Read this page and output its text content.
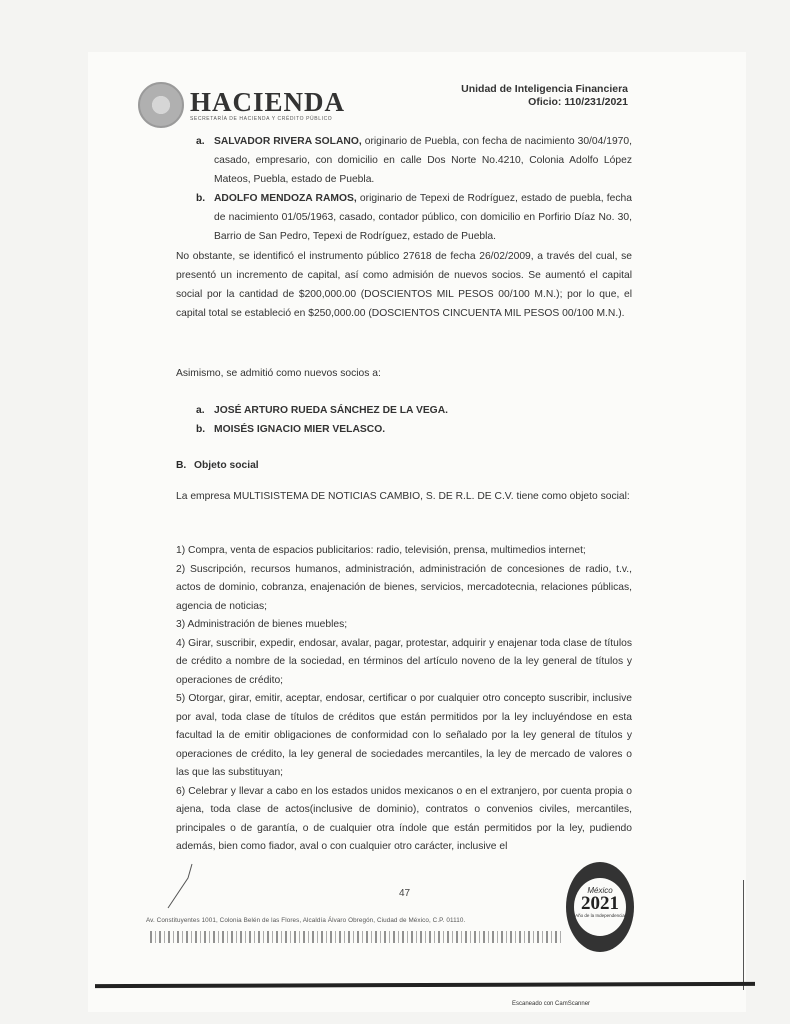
HACIENDA
SECRETARÍA DE HACIENDA Y CRÉDITO PÚBLICO
Unidad de Inteligencia Financiera
Oficio: 110/231/2021
a. SALVADOR RIVERA SOLANO, originario de Puebla, con fecha de nacimiento 30/04/1970, casado, empresario, con domicilio en calle Dos Norte No.4210, Colonia Adolfo López Mateos, Puebla, estado de Puebla.
b. ADOLFO MENDOZA RAMOS, originario de Tepexi de Rodríguez, estado de puebla, fecha de nacimiento 01/05/1963, casado, contador público, con domicilio en Porfirio Díaz No. 30, Barrio de San Pedro, Tepexi de Rodríguez, estado de Puebla.
No obstante, se identificó el instrumento público 27618 de fecha 26/02/2009, a través del cual, se presentó un incremento de capital, así como admisión de nuevos socios. Se aumentó el capital social por la cantidad de $200,000.00 (DOSCIENTOS MIL PESOS 00/100 M.N.); por lo que, el capital total se estableció en $250,000.00 (DOSCIENTOS CINCUENTA MIL PESOS 00/100 M.N.).
Asimismo, se admitió como nuevos socios a:
a. JOSÉ ARTURO RUEDA SÁNCHEZ DE LA VEGA.
b. MOISÉS IGNACIO MIER VELASCO.
B. Objeto social
La empresa MULTISISTEMA DE NOTICIAS CAMBIO, S. DE R.L. DE C.V. tiene como objeto social:
1) Compra, venta de espacios publicitarios: radio, televisión, prensa, multimedios internet;
2) Suscripción, recursos humanos, administración, administración de concesiones de radio, t.v., actos de dominio, cobranza, enajenación de bienes, servicios, mercadotecnia, relaciones públicas, agencia de noticias;
3) Administración de bienes muebles;
4) Girar, suscribir, expedir, endosar, avalar, pagar, protestar, adquirir y enajenar toda clase de títulos de crédito a nombre de la sociedad, en términos del artículo noveno de la ley general de títulos y operaciones de crédito;
5) Otorgar, girar, emitir, aceptar, endosar, certificar o por cualquier otro concepto suscribir, inclusive por aval, toda clase de títulos de créditos que están permitidos por la ley incluyéndose en esta facultad la de emitir obligaciones de conformidad con lo señalado por la ley general de títulos y operaciones de crédito, la ley general de sociedades mercantiles, la ley de mercado de valores o las que las substituyan;
6) Celebrar y llevar a cabo en los estados unidos mexicanos o en el extranjero, por cuenta propia o ajena, toda clase de actos(inclusive de dominio), contratos o convenios civiles, mercantiles, principales o de garantía, o de cualquier otra índole que están permitidos por la ley, pudiendo además, bien como fiador, aval o con cualquier otro carácter, inclusive el
47
Av. Constituyentes 1001, Colonia Belén de las Flores, Alcaldía Álvaro Obregón, Ciudad de México, C.P. 01110.
México
2021
Año de la Independencia
Escaneado con CamScanner
